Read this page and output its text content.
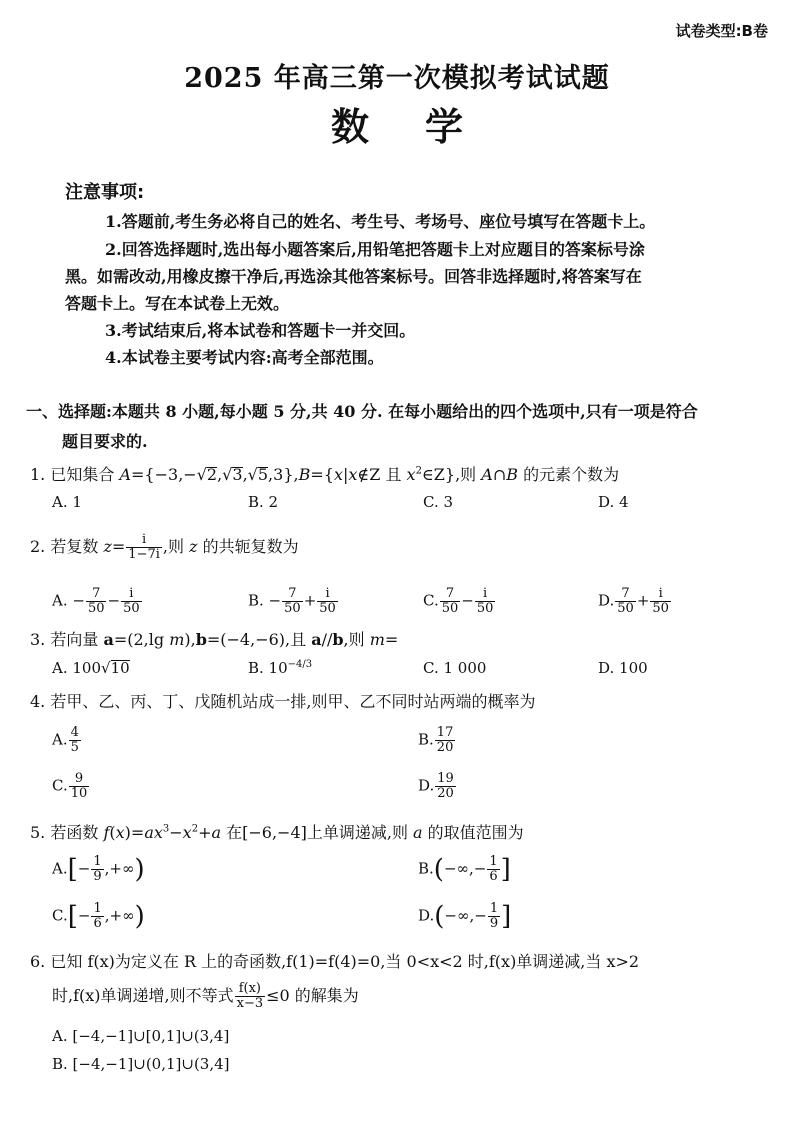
试卷类型:B卷
2025 年高三第一次模拟考试试题
数学
注意事项:
1.答题前,考生务必将自己的姓名、考生号、考场号、座位号填写在答题卡上。
2.回答选择题时,选出每小题答案后,用铅笔把答题卡上对应题目的答案标号涂
黑。如需改动,用橡皮擦干净后,再选涂其他答案标号。回答非选择题时,将答案写在
答题卡上。写在本试卷上无效。
3.考试结束后,将本试卷和答题卡一并交回。
4.本试卷主要考试内容:高考全部范围。
一、选择题:本题共 8 小题,每小题 5 分,共 40 分. 在每小题给出的四个选项中,只有一项是符合
题目要求的.
1. 已知集合 A={−3,−√2,√3,√5,3},B={x|x∉Z 且 $x^2\in Z$},则 A∩B 的元素个数为
A. 1	B. 2	C. 3	D. 4
2. 若复数 $z= \frac{i}{1-7i}$ ,则 z 的共轭复数为
A. − $\frac{7}{50} - \frac{i}{50}$	B. − $\frac{7}{50} + \frac{i}{50}$	C. $\frac{7}{50} - \frac{i}{50}$	D. $\frac{7}{50} + \frac{i}{50}$
3. 若向量 a=(2,lg m),b=(−4,−6),且 a//b,则 m=
A. 100√10	B. $10^{-4/3}$	C. 1 000	D. 100
4. 若甲、乙、丙、丁、戊随机站成一排,则甲、乙不同时站两端的概率为
A. $\frac{4}{5}$	B. $\frac{17}{20}$
C. $\frac{9}{10}$	D. $\frac{19}{20}$
5. 若函数 $f(x)=ax^3-x^2+a$ 在[−6,−4]上单调递减,则 a 的取值范围为
$A.[- \frac{1}{9}$ ,+∞)	$B.(-\infty,- \frac{1}{6}$ ]
$C.[- \frac{1}{6}$ ,+∞)	$D.(-\infty,- \frac{1}{9}$ ]
6. 已知 f(x)为定义在 R 上的奇函数,f(1)=f(4)=0,当 0<x<2 时,f(x)单调递减,当 x>2
时,f(x)单调递增,则不等式 $\frac{f(x)}{x-3} \le 0$ 的解集为
A. [−4,−1]∪[0,1]∪(3,4]
B. [−4,−1]∪(0,1]∪(3,4]
